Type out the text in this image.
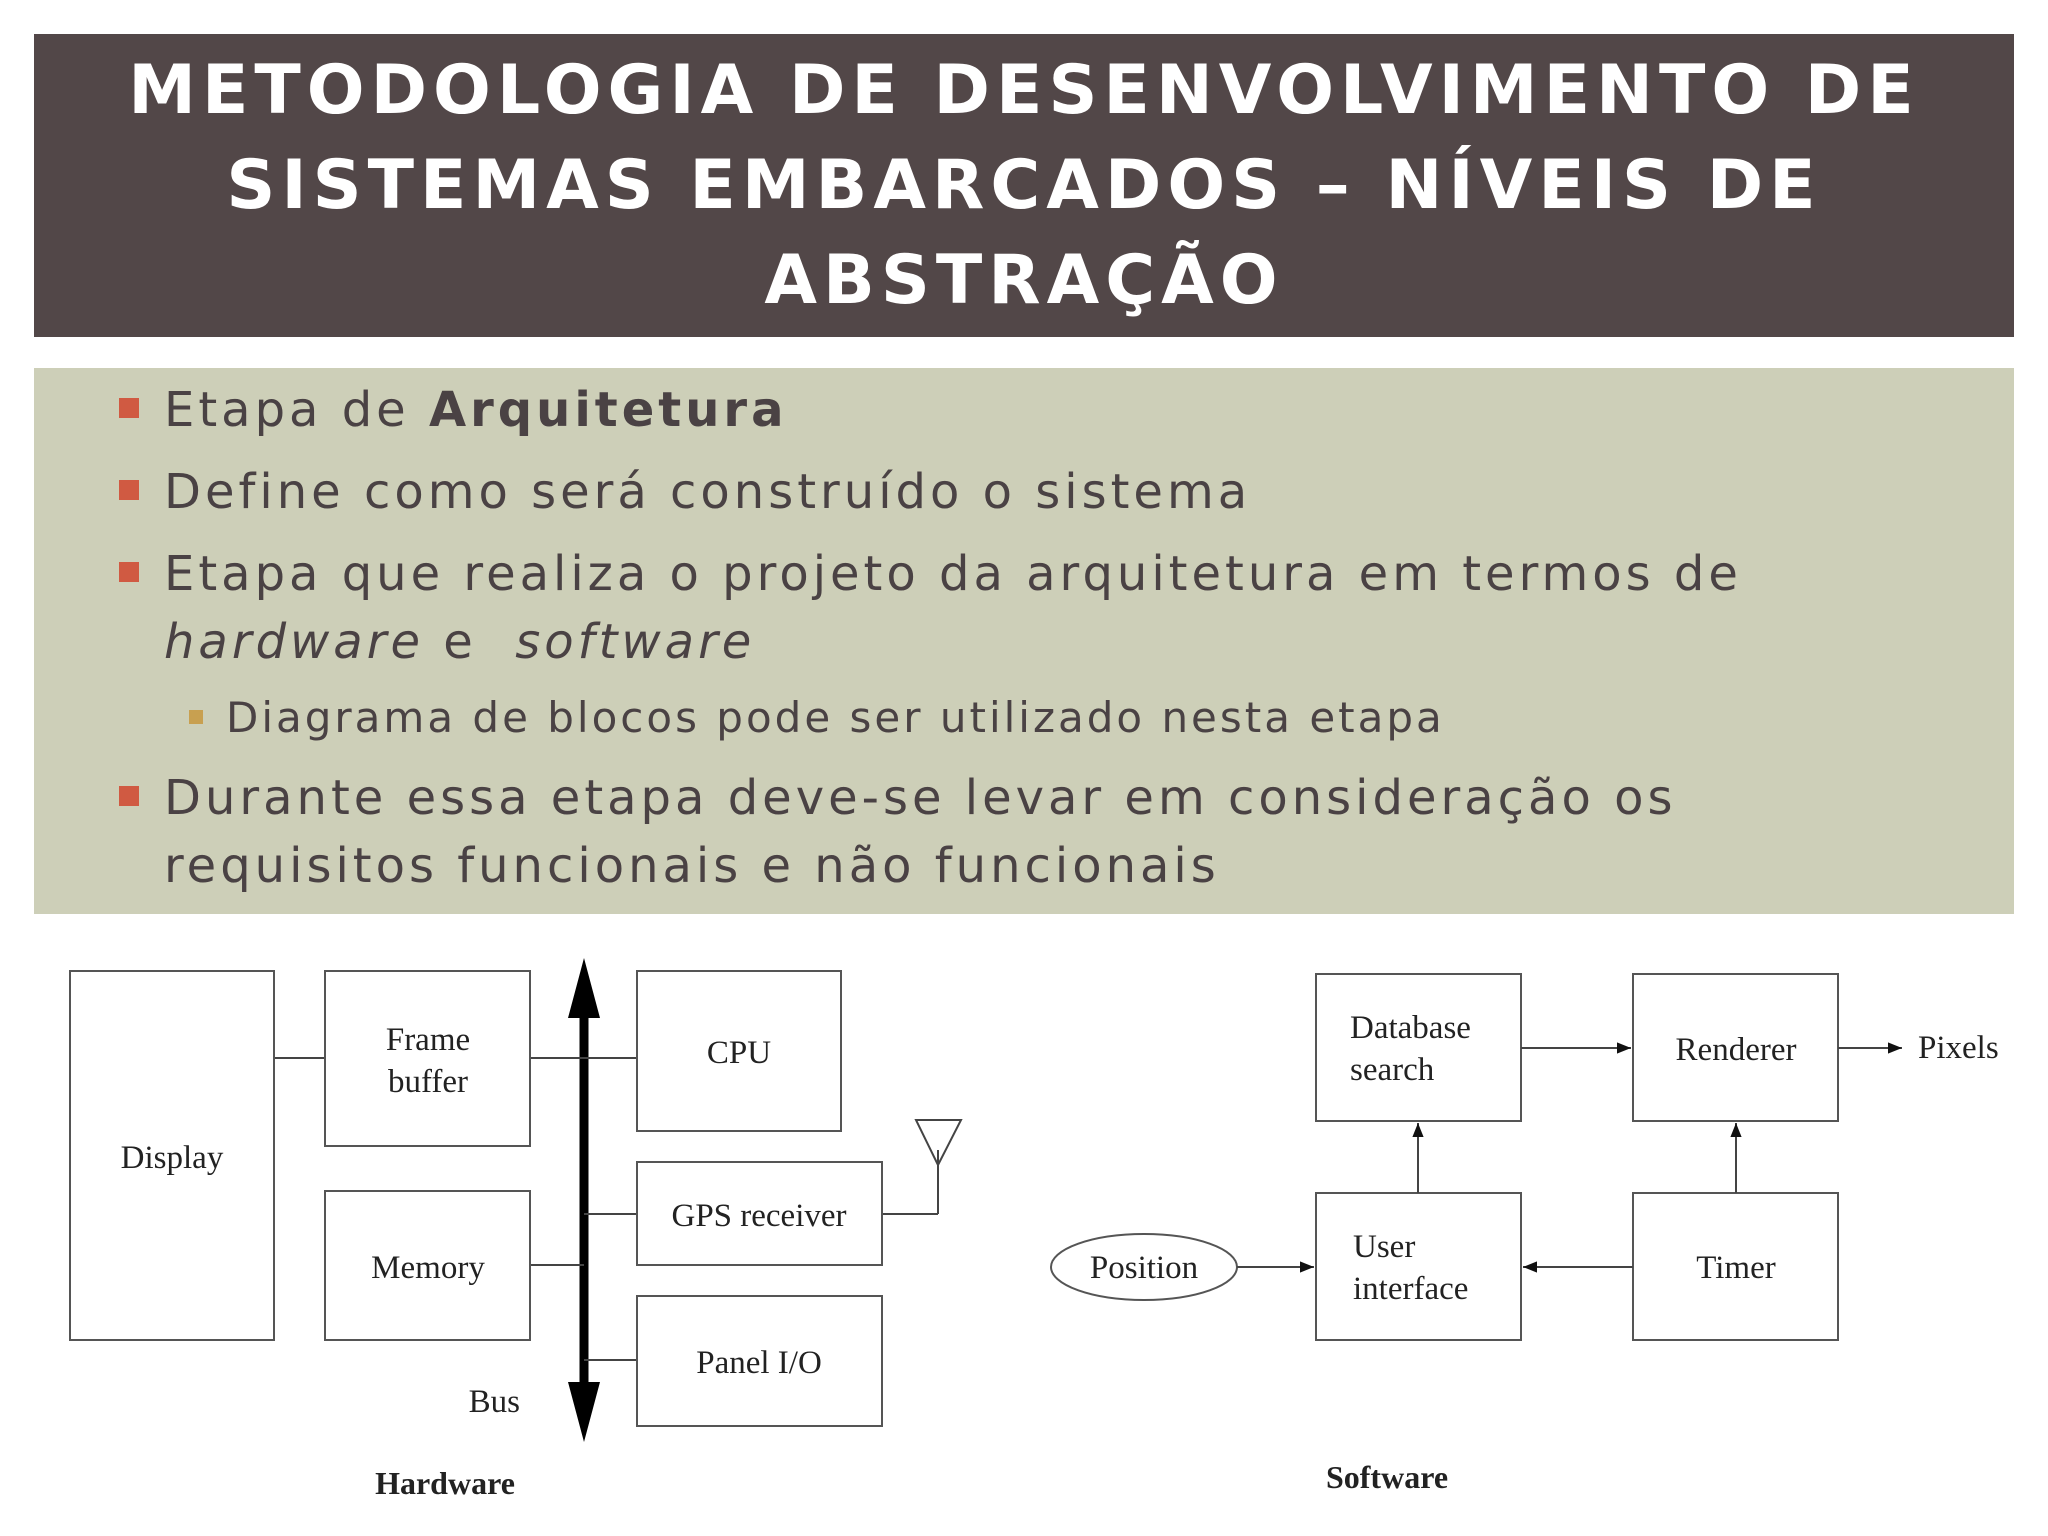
METODOLOGIA DE DESENVOLVIMENTO DE SISTEMAS EMBARCADOS – NÍVEIS DE ABSTRAÇÃO

Etapa de Arquitetura

Define como será construído o sistema

Etapa que realiza o projeto da arquitetura em termos de

hardware e  software

Diagrama de blocos pode ser utilizado nesta etapa

Durante essa etapa deve-se levar em consideração os

requisitos funcionais e não funcionais

Display
Frame
buffer
Memory
CPU
GPS receiver
Panel I/O
Bus
Hardware
Database
search
Renderer
User
interface
Timer
Position
Pixels
Software
